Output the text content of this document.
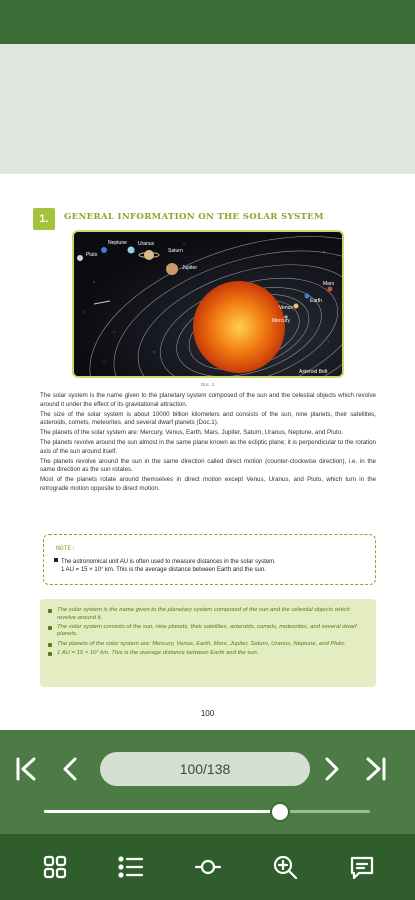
1.	GENERAL INFORMATION ON THE SOLAR SYSTEM
Pluto
Neptune Uranus
Saturn
Jupiter
Mars
Earth
Venus
Mercury
Asteroid Belt
Doc. 1

The solar system is the name given to the planetary system composed of the sun and the celestial objects which revolve around it under the effect of its gravitational attraction.

The size of the solar system is about 10000 billion kilometers and consists of the sun, nine planets, their satellites, asteroids, comets, meteorites, and several dwarf planets (Doc.1).

The planets of the solar system are: Mercury, Venus, Earth, Mars, Jupiter, Saturn, Uranus, Neptune, and Pluto.

The planets revolve around the sun almost in the same plane known as the ecliptic plane; it is perpendicular to the rotation axis of the sun around itself.

The planets revolve around the sun in the same direction called direct motion (counter-clockwise direction), i.e. in the same direction as the sun rotates.

Most of the planets rotate around themselves in direct motion except Venus, Uranus, and Pluto, which turn in the retrograde motion opposite to direct motion.

NOTE:
The astronomical unit AU is often used to measure distances in the solar system.
1 AU = 15 × 10⁷ km. This is the average distance between Earth and the sun.
The solar system is the name given to the planetary system composed of the sun and the celestial objects which revolve around it.
The solar system consists of the sun, nine planets, their satellites, asteroids, comets, meteorites, and several dwarf planets.
The planets of the solar system are: Mercury, Venus, Earth, Mars, Jupiter, Saturn, Uranus, Neptune, and Pluto.
1 AU = 15 × 10⁷ km. This is the average distance between Earth and the sun.
100
100/138
